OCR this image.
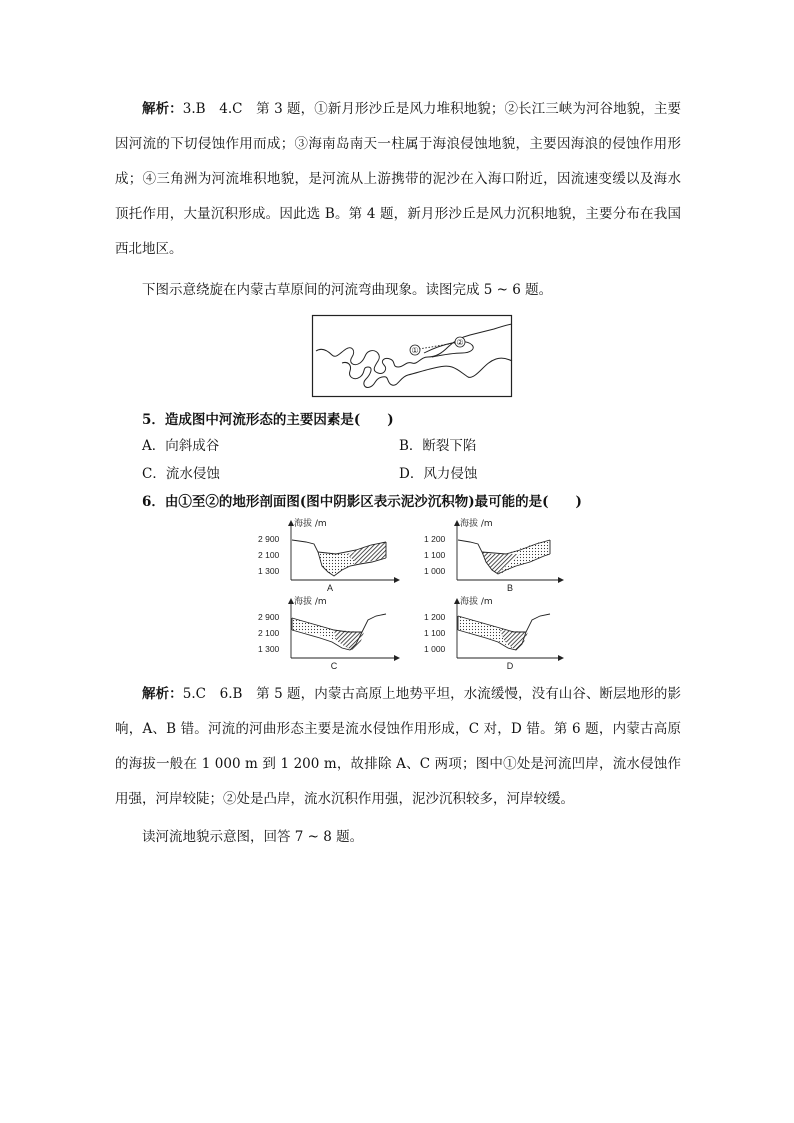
解析：3.B　4.C　第 3 题，①新月形沙丘是风力堆积地貌；②长江三峡为河谷地貌，主要因河流的下切侵蚀作用而成；③海南岛南天一柱属于海浪侵蚀地貌，主要因海浪的侵蚀作用形成；④三角洲为河流堆积地貌，是河流从上游携带的泥沙在入海口附近，因流速变缓以及海水顶托作用，大量沉积形成。因此选 B。第 4 题，新月形沙丘是风力沉积地貌，主要分布在我国西北地区。

下图示意绕旋在内蒙古草原间的河流弯曲现象。读图完成 5 ~ 6 题。

①
②
5．造成图中河流形态的主要因素是(　　)
A．向斜成谷	B．断裂下陷
C．流水侵蚀	D．风力侵蚀
6．由①至②的地形剖面图(图中阴影区表示泥沙沉积物)最可能的是(　　)
海拔 /m
2 900
2 100
1 300
A
海拔 /m
1 200
1 100
1 000
B
海拔 /m
2 900
2 100
1 300
C
海拔 /m
1 200
1 100
1 000
D

解析：5.C　6.B　第 5 题，内蒙古高原上地势平坦，水流缓慢，没有山谷、断层地形的影响，A、B 错。河流的河曲形态主要是流水侵蚀作用形成，C 对，D 错。第 6 题，内蒙古高原的海拔一般在 1 000 m 到 1 200 m，故排除 A、C 两项；图中①处是河流凹岸，流水侵蚀作用强，河岸较陡；②处是凸岸，流水沉积作用强，泥沙沉积较多，河岸较缓。

读河流地貌示意图，回答 7 ~ 8 题。
